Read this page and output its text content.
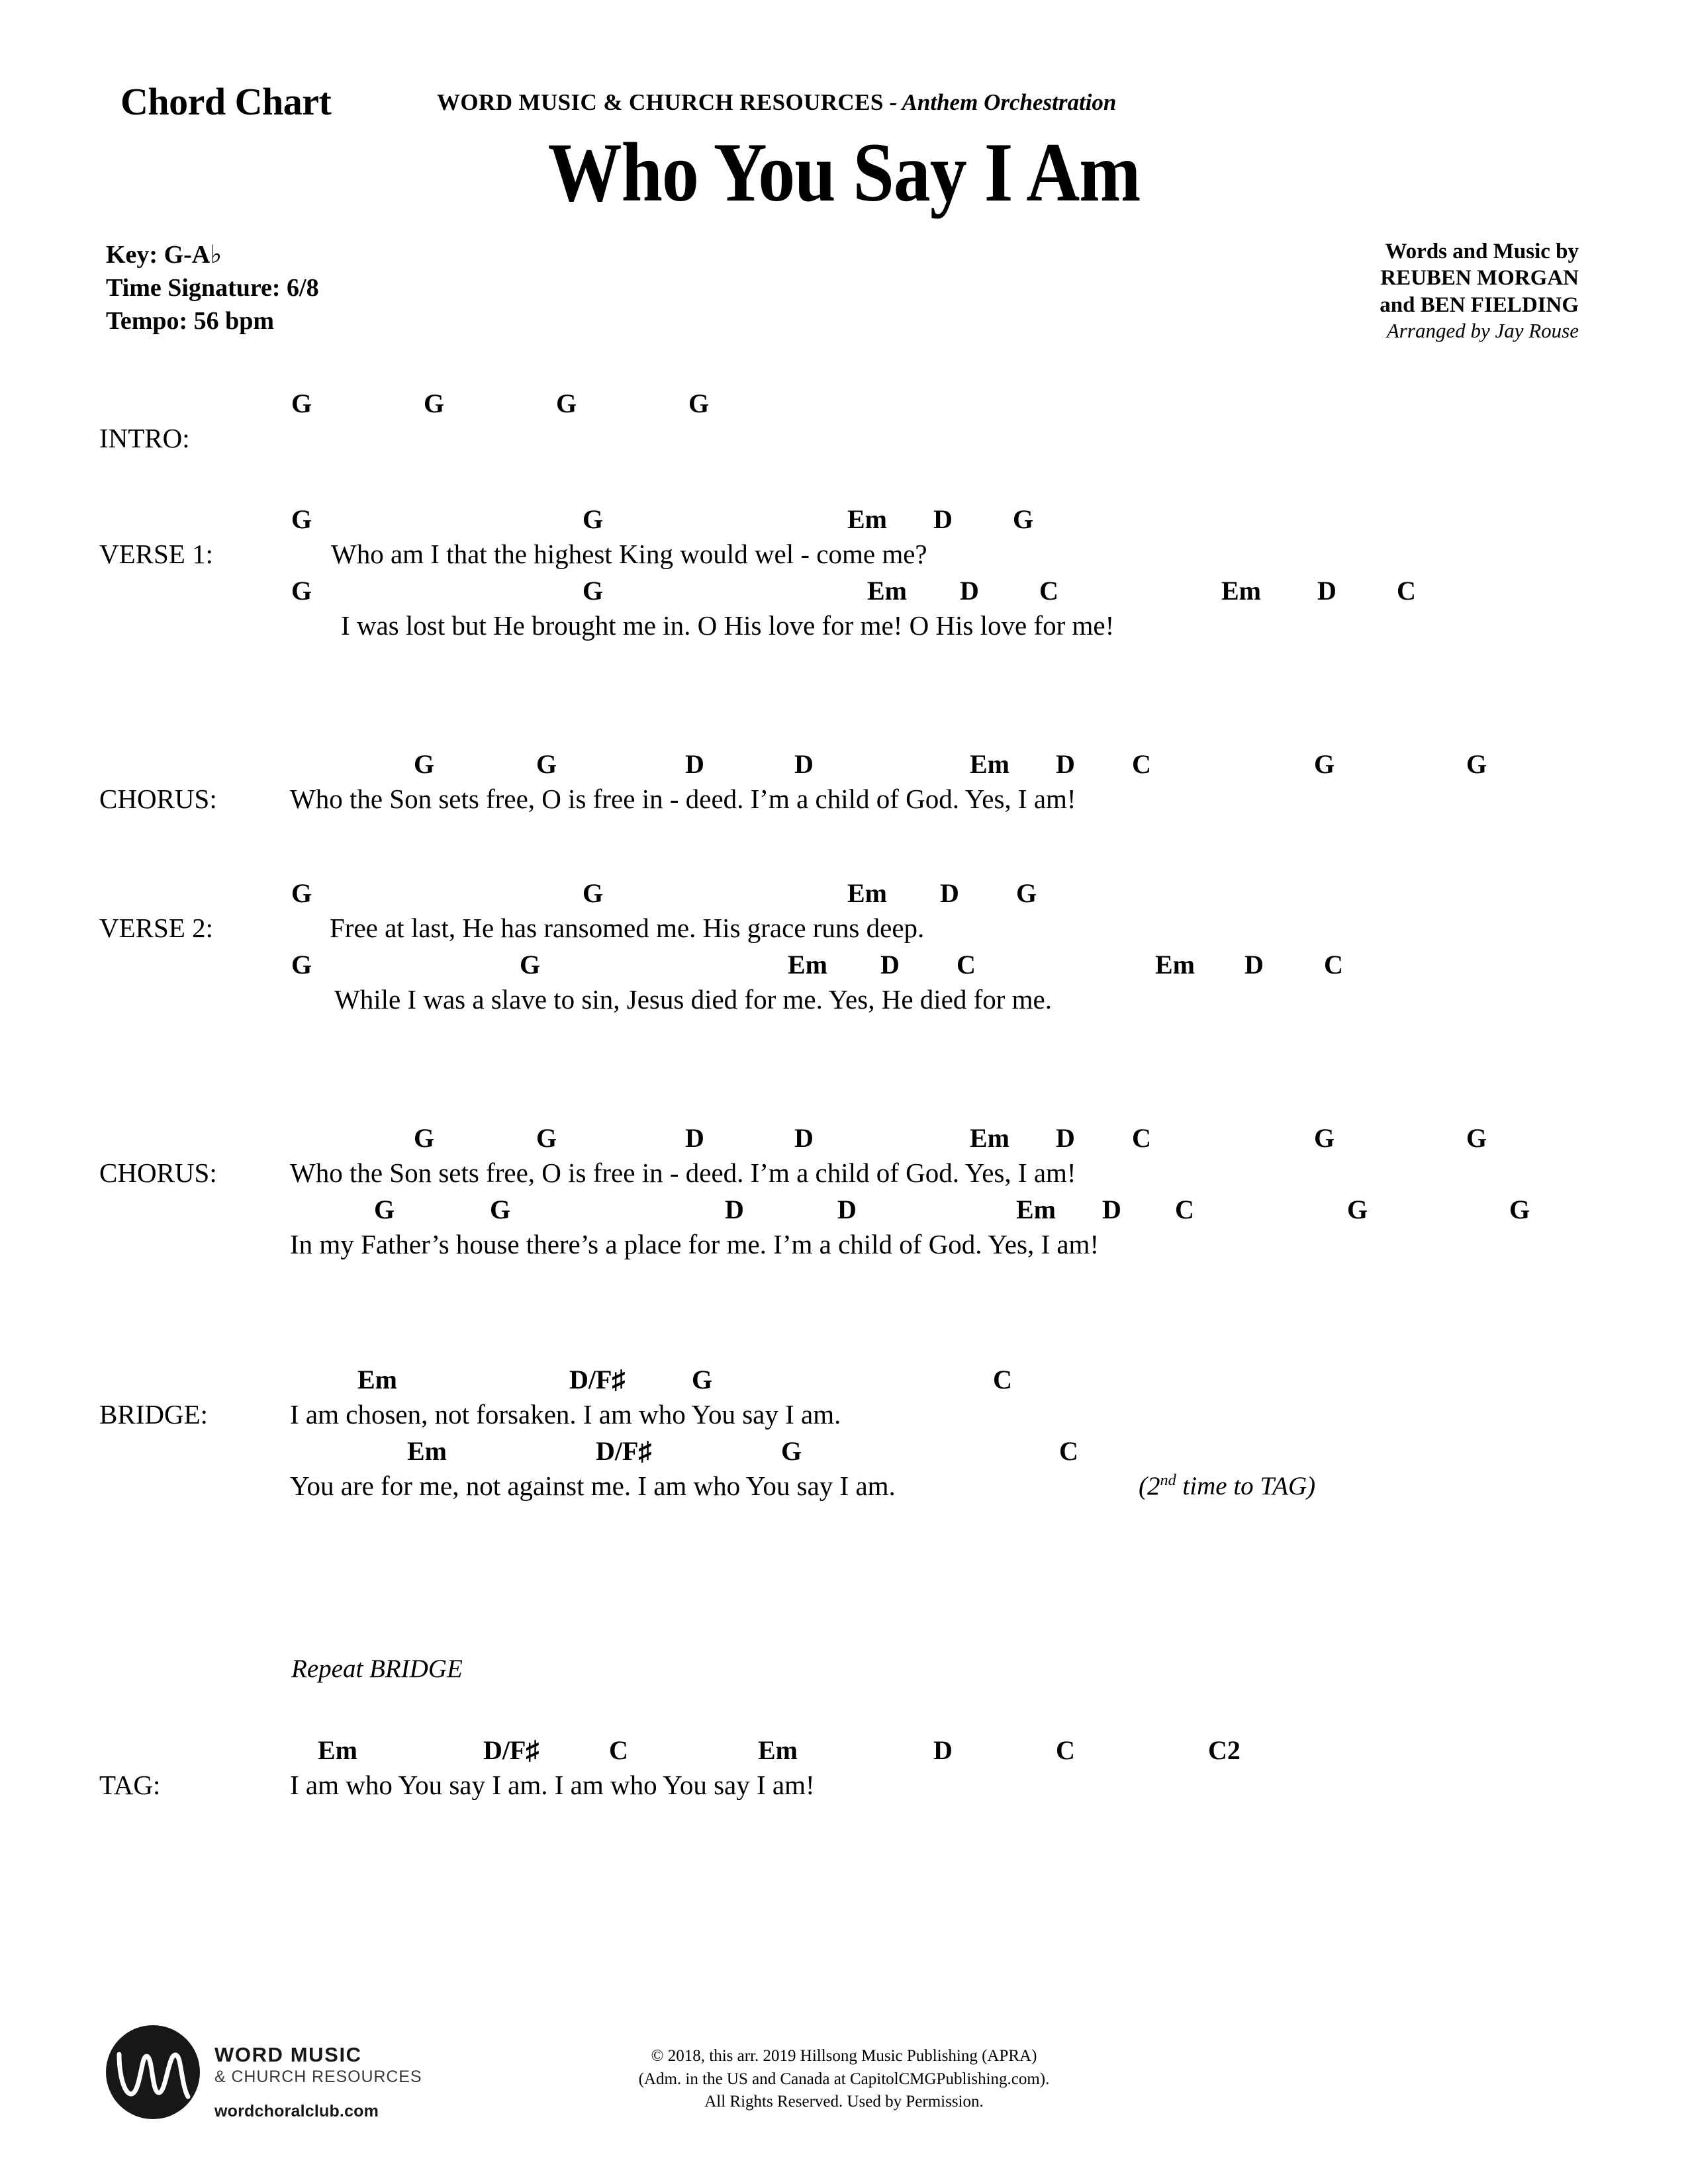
Chord Chart	WORD MUSIC & CHURCH RESOURCES - Anthem Orchestration
Who You Say I Am
Key: G-A♭
Time Signature: 6/8
Tempo: 56 bpm
Words and Music by
REUBEN MORGAN
and BEN FIELDING
Arranged by Jay Rouse
G	G	G	G
INTRO:
G	G	Em D G
VERSE 1:	Who am I that the highest King would wel - come me?
G	G	Em D C	Em D C
I was lost but He brought me in. O His love for me! O His love for me!
G	G	D	D	Em D C	G	G
CHORUS:	Who the Son sets free, O is free in - deed. I’m a child of God. Yes, I am!
G	G	Em D G
VERSE 2:	Free at last, He has ransomed me. His grace runs deep.
G	G	Em D C	Em D C
While I was a slave to sin, Jesus died for me. Yes, He died for me.
G	G	D	D	Em D C	G	G
CHORUS:	Who the Son sets free, O is free in - deed. I’m a child of God. Yes, I am!
G	G	D	D	Em D C	G	G
In my Father’s house there’s a place for me. I’m a child of God. Yes, I am!
Em	D/F♯	G	C
BRIDGE:	I am chosen, not forsaken. I am who You say I am.
Em	D/F♯	G	C
You are for me, not against me. I am who You say I am.	(2nd time to TAG)
Repeat BRIDGE
Em	D/F♯	C	Em	D	C	C2
TAG:	I am who You say I am. I am who You say I am!
WORD MUSIC
& CHURCH RESOURCES
wordchoralclub.com
© 2018, this arr. 2019 Hillsong Music Publishing (APRA)
(Adm. in the US and Canada at CapitolCMGPublishing.com).
All Rights Reserved. Used by Permission.
